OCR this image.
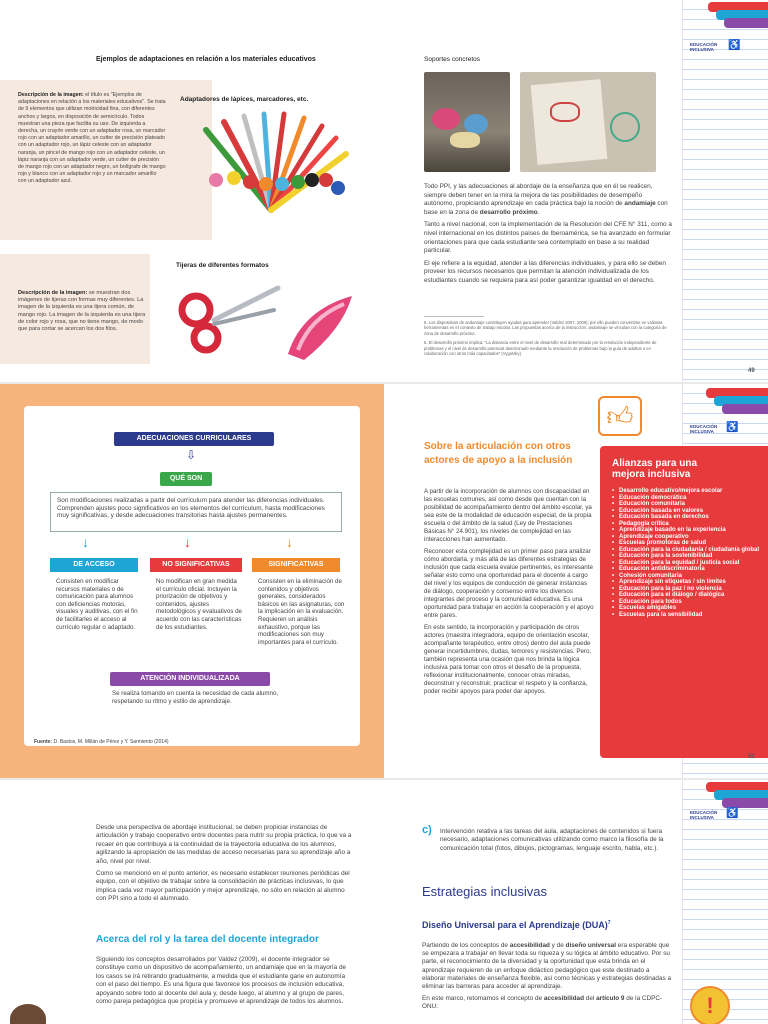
EDUCACIÓN
INCLUSIVA	♿
Ejemplos de adaptaciones en relación a los materiales educativos	Soportes concretos
Descripción de la imagen: el título es "Ejemplos de adaptaciones en relación a los materiales educativos". Se trata de 9 elementos que utilizan motricidad fina, con diferentes anchos y largos, en disposición de semicírculo. Todos muestran una pieza que facilita su uso. De izquierda a derecha, un crayón verde con un adaptador rosa, un marcador rojo con un adaptador amarillo, un cutter de precisión plateado con un adaptador rojo, un lápiz celeste con un adaptador naranja, un pincel de mango rojo con un adaptador celeste, un lápiz naranja con un adaptador verde, un cutter de precisión de mango rojo con un adaptador negro, un bolígrafo de mango rojo y blanco con un adaptador rojo y un marcador amarillo con un adaptador azul.
Adaptadores de lápices, marcadores, etc.
Tijeras de diferentes formatos
Descripción de la imagen: se muestran dos imágenes de tijeras con formas muy diferentes. La imagen de la izquierda es una tijera común, de mango rojo. La imagen de la izquierda es una tijera de color rojo y rosa, que no tiene mango, de modo que para cortar se acercan los dos filos.

Todo PPI, y las adecuaciones al abordaje de la enseñanza que en él se realicen, siempre deben tener en la mira la mejora de las posibilidades de desempeño autónomo, propiciando aprendizaje en cada práctica bajo la noción de andamiaje con base en la zona de desarrollo próximo.

Tanto a nivel nacional, con la implementación de la Resolución del CFE N° 311, como a nivel internacional en los distintos países de Iberoamérica, se ha avanzado en formular orientaciones para que cada estudiante sea contemplado en base a su realidad particular.

El eje refiere a la equidad, atender a las diferencias individuales, y para ello se deben proveer los recursos necesarios que permitan la atención individualizada de los estudiantes cuando se requiera para así poder garantizar igualdad en el derecho.

5. Los dispositivos de andamiaje constituyen ayudas para aprender (Valdez 2007, 2009); por ello pueden convertirse en valiosas herramientas en el contexto de trabajo escolar. Las propuestas acerca de la instrucción: andamiaje se vinculan con la categoría de zona de desarrollo próximo.

6. El desarrollo próximo implica: "La distancia entre el nivel de desarrollo real determinado por la resolución independiente de problemas y el nivel de desarrollo potencial determinado mediante la resolución de problemas bajo la guía de adultos o en colaboración con otros más capacitados" (Vygotsky).

49
ADECUACIONES CURRICULARES
⇩
QUÉ SON
Son modificaciones realizadas a partir del currículum para atender las diferencias individuales. Comprenden ajustes poco significativos en los elementos del currículum, hasta modificaciones muy significativas, y desde adecuaciones transitorias hasta ajustes permanentes.
↓	↓	↓
DE ACCESO	NO SIGNIFICATIVAS	SIGNIFICATIVAS
Consisten en modificar recursos materiales o de comunicación para alumnos con deficiencias motoras, visuales y auditivas, con el fin de facilitarles el acceso al currículo regular o adaptado.
No modifican en gran medida el currículo oficial. Incluyen la priorización de objetivos y contenidos, ajustes metodológicos y evaluativos de acuerdo con las características de los estudiantes.
Consisten en la eliminación de contenidos y objetivos generales, considerados básicos en las asignaturas, con la implicación en la evaluación. Requieren un análisis exhaustivo, porque las modificaciones son muy importantes para el currículo.
ATENCIÓN INDIVIDUALIZADA
Se realiza tomando en cuenta la necesidad de cada alumno, respetando su ritmo y estilo de aprendizaje.
Fuente: D. Bastos, M. Millán de Pérez y Y. Sarmiento (2014)
EDUCACIÓN
INCLUSIVA	♿
👍︎
Sobre la articulación con otros
actores de apoyo a la inclusión

A partir de la incorporación de alumnos con discapacidad en las escuelas comunes, así como desde que cuentan con la posibilidad de acompañamiento dentro del ámbito escolar, ya sea este de la modalidad de educación especial, de la propia escuela o del ámbito de la salud (Ley de Prestaciones Básicas N° 24.901), los niveles de complejidad en las interacciones han aumentado.

Reconocer esta complejidad es un primer paso para analizar cómo abordarla, y más allá de las diferentes estrategias de inclusión que cada escuela evalúe pertinentes, es interesante señalar esto como una oportunidad para el docente a cargo del nivel y los equipos de conducción de generar instancias de diálogo, cooperación y consenso entre los diversos integrantes del proceso y la comunidad educativa. Es una oportunidad para trabajar en acción la cooperación y el apoyo entre pares.

En este sentido, la incorporación y participación de otros actores (maestra integradora, equipo de orientación escolar, acompañante terapéutico, entre otros) dentro del aula puede generar incertidumbres, dudas, temores y resistencias. Pero, también representa una ocasión que nos brinda la lógica inclusiva para tomar con otros el desafío de la propuesta, reflexionar institucionalmente, conocer otras miradas, deconstruir y reconstruir, practicar el respeto y la confianza, poder recibir apoyos para poder dar apoyos.

Alianzas para una
mejora inclusiva
• Desarrollo educativo/mejora escolar
• Educación democrática
• Educación comunitaria
• Educación basada en valores
• Educación basada en derechos
• Pedagogía crítica
• Aprendizaje basado en la experiencia
• Aprendizaje cooperativo
• Escuelas promotoras de salud
• Educación para la ciudadanía / ciudadanía global
• Educación para la sostenibilidad
• Educación para la equidad / justicia social
• Educación antidiscriminatoria
• Cohesión comunitaria
• Aprendizaje sin etiquetas / sin límites
• Educación para la paz / no violencia
• Educación para el diálogo / dialógica
• Educación para todos
• Escuelas amigables
• Escuelas para la sensibilidad
51

Desde una perspectiva de abordaje institucional, se deben propiciar instancias de articulación y trabajo cooperativo entre docentes para nutrir su propia práctica, lo que va a recaer en que contribuya a la continuidad de la trayectoria educativa de los alumnos, agilizando la apropiación de las medidas de acceso necesarias para su aprendizaje año a año, nivel por nivel.

Como se mencionó en el punto anterior, es necesario establecer reuniones periódicas del equipo, con el objetivo de trabajar sobre la consolidación de prácticas inclusivas, lo que implica cada vez mayor participación y mejor aprendizaje, no sólo en relación al alumno con PPI sino a todo el alumnado.

Acerca del rol y la tarea del docente integrador
Siguiendo los conceptos desarrollados por Valdez (2009), el docente integrador se constituye como un dispositivo de acompañamiento, un andamiaje que en la mayoría de los casos se irá retirando gradualmente, a medida que el estudiante gane en autonomía con el paso del tiempo. Es una figura que favorece los procesos de inclusión educativa, apoyando sobre todo al docente del aula y, desde luego, al alumno y al grupo de pares, como pareja pedagógica que propicia y promueve el aprendizaje de todos los alumnos.
EDUCACIÓN
INCLUSIVA	♿
c) Intervención relativa a las tareas del aula, adaptaciones de contenidos si fuera necesario, adaptaciones comunicativas utilizando como marco la filosofía de la comunicación total (fotos, dibujos, pictogramas, lenguaje escrito, habla, etc.).
Estrategias inclusivas
Diseño Universal para el Aprendizaje (DUA)$^7$

Partiendo de los conceptos de accesibilidad y de diseño universal era esperable que se empezara a trabajar en llevar toda su riqueza y su lógica al ámbito educativo. Por su parte, el reconocimiento de la diversidad y la oportunidad que esta brinda en el aprendizaje requieren de un enfoque didáctico pedagógico que este destinado a elaborar materiales de enseñanza flexible, así como técnicas y estrategias destinadas a eliminar las barreras para acceder al aprendizaje.

En este marco, retomamos el concepto de accesibilidad del artículo 9 de la CDPC-ONU:	!
